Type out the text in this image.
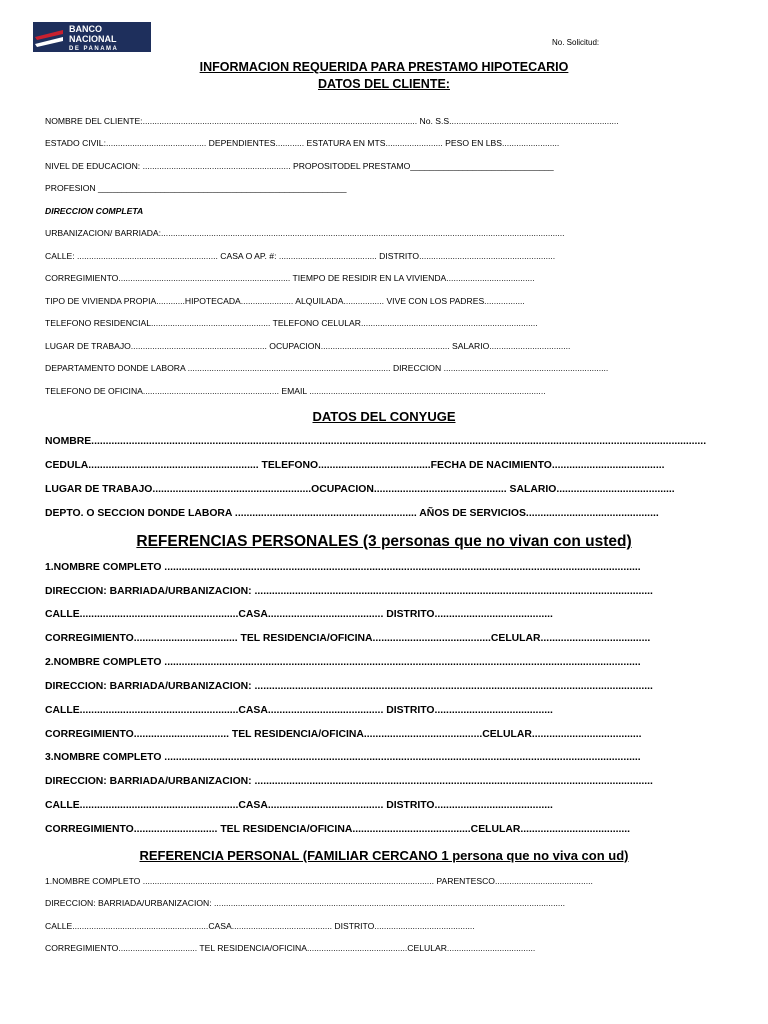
BANCO
NACIONAL
DE PANAMA
No. Solicitud:
INFORMACION REQUERIDA PARA PRESTAMO HIPOTECARIO
DATOS DEL CLIENTE:
NOMBRE DEL CLIENTE:................................................................................................................... No. S.S.......................................................................
ESTADO CIVIL:.......................................... DEPENDIENTES............ ESTATURA EN MTS........................ PESO EN LBS........................
NIVEL DE EDUCACION: .............................................................. PROPOSITODEL PRESTAMO______________________________
PROFESION ____________________________________________________
DIRECCION COMPLETA
URBANIZACION/ BARRIADA:.........................................................................................................................................................................
CALLE: ........................................................... CASA O AP. #: ......................................... DISTRITO.........................................................
CORREGIMIENTO........................................................................ TIEMPO DE RESIDIR EN LA VIVIENDA.....................................
TIPO DE VIVIENDA PROPIA............HIPOTECADA...................... ALQUILADA................. VIVE CON LOS PADRES.................
TELEFONO RESIDENCIAL.................................................. TELEFONO CELULAR..........................................................................
LUGAR DE TRABAJO......................................................... OCUPACION...................................................... SALARIO..................................
DEPARTAMENTO DONDE LABORA ..................................................................................... DIRECCION .....................................................................
TELEFONO DE OFICINA......................................................... EMAIL ...................................................................................................
DATOS DEL CONYUGE
NOMBRE.....................................................................................................................................................................................................................
CEDULA........................................................... TELEFONO.......................................FECHA DE NACIMIENTO.......................................
LUGAR DE TRABAJO.......................................................OCUPACION.............................................. SALARIO.........................................
DEPTO. O SECCION DONDE LABORA ............................................................... AÑOS DE SERVICIOS..............................................
REFERENCIAS PERSONALES (3 personas que no vivan con usted)
1.NOMBRE COMPLETO .....................................................................................................................................................................
DIRECCION: BARRIADA/URBANIZACION: ..........................................................................................................................................
CALLE.......................................................CASA........................................ DISTRITO.........................................
CORREGIMIENTO.................................... TEL RESIDENCIA/OFICINA.........................................CELULAR......................................
2.NOMBRE COMPLETO .....................................................................................................................................................................
DIRECCION: BARRIADA/URBANIZACION: ..........................................................................................................................................
CALLE.......................................................CASA........................................ DISTRITO.........................................
CORREGIMIENTO................................. TEL RESIDENCIA/OFICINA.........................................CELULAR......................................
3.NOMBRE COMPLETO .....................................................................................................................................................................
DIRECCION: BARRIADA/URBANIZACION: ..........................................................................................................................................
CALLE.......................................................CASA........................................ DISTRITO.........................................
CORREGIMIENTO............................. TEL RESIDENCIA/OFICINA.........................................CELULAR......................................
REFERENCIA PERSONAL (FAMILIAR CERCANO 1 persona que no viva con ud)
1.NOMBRE COMPLETO .......................................................................................................................... PARENTESCO.........................................
DIRECCION: BARRIADA/URBANIZACION: ...................................................................................................................................................
CALLE.........................................................CASA.......................................... DISTRITO..........................................
CORREGIMIENTO................................. TEL RESIDENCIA/OFICINA..........................................CELULAR.....................................
